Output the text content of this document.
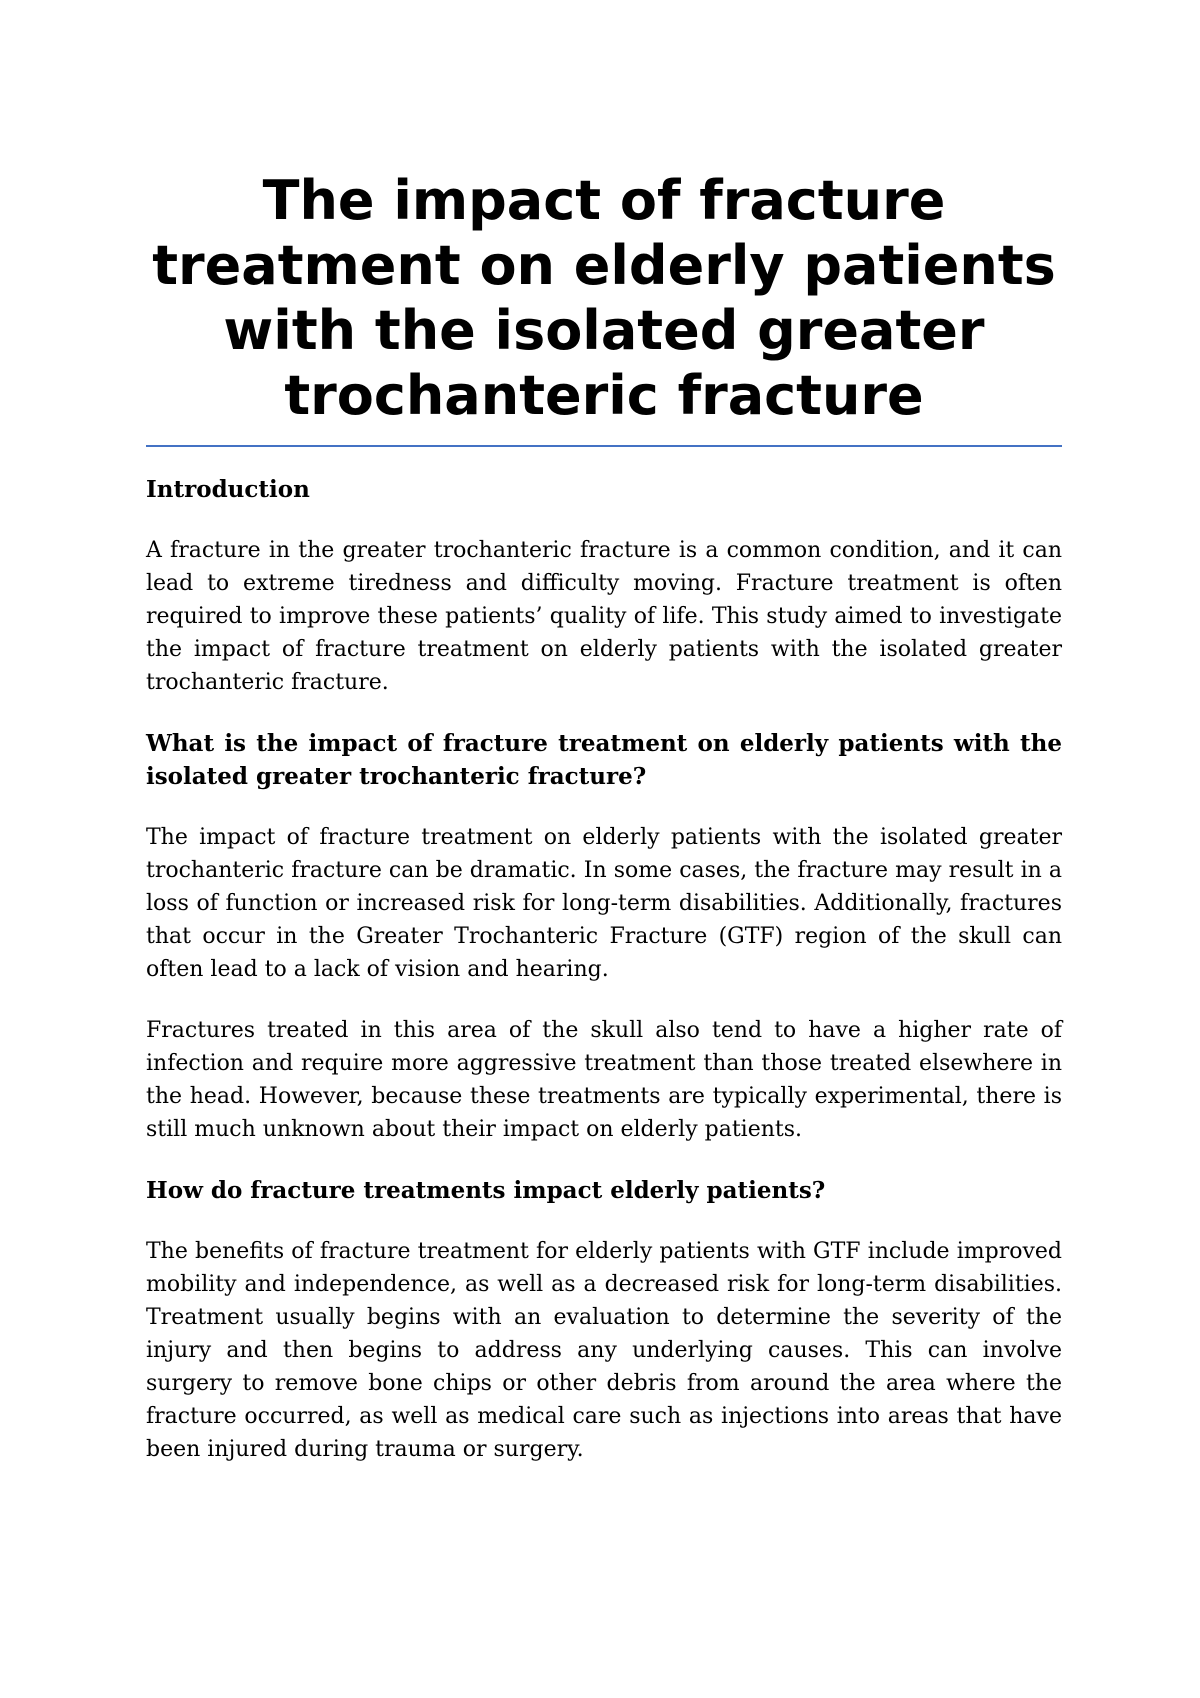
The impact of fracture treatment on elderly patients with the isolated greater trochanteric fracture
Introduction

A fracture in the greater trochanteric fracture is a common condition, and it can lead to extreme tiredness and difficulty moving. Fracture treatment is often required to improve these patients’ quality of life. This study aimed to investigate the impact of fracture treatment on elderly patients with the isolated greater trochanteric fracture.

What is the impact of fracture treatment on elderly patients with the isolated greater trochanteric fracture?

The impact of fracture treatment on elderly patients with the isolated greater trochanteric fracture can be dramatic. In some cases, the fracture may result in a loss of function or increased risk for long-term disabilities. Additionally, fractures that occur in the Greater Trochanteric Fracture (GTF) region of the skull can often lead to a lack of vision and hearing.

Fractures treated in this area of the skull also tend to have a higher rate of infection and require more aggressive treatment than those treated elsewhere in the head. However, because these treatments are typically experimental, there is still much unknown about their impact on elderly patients.

How do fracture treatments impact elderly patients?

The benefits of fracture treatment for elderly patients with GTF include improved mobility and independence, as well as a decreased risk for long-term disabilities. Treatment usually begins with an evaluation to determine the severity of the injury and then begins to address any underlying causes. This can involve surgery to remove bone chips or other debris from around the area where the fracture occurred, as well as medical care such as injections into areas that have been injured during trauma or surgery.
